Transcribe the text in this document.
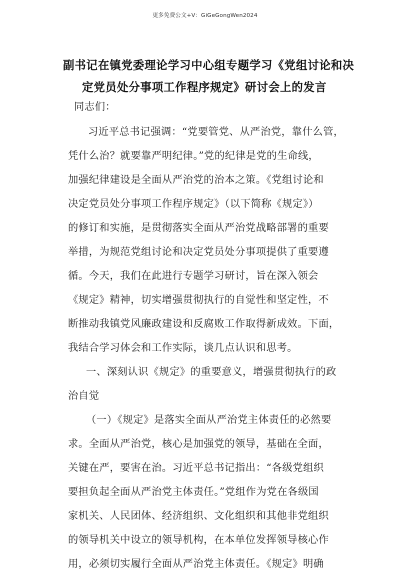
更多免费公文+V：GiGeGongWen2024
副书记在镇党委理论学习中心组专题学习《党组讨论和决
定党员处分事项工作程序规定》研讨会上的发言
同志们：
习近平总书记强调：“党要管党、从严治党，靠什么管，
凭什么治？就要靠严明纪律。”党的纪律是党的生命线，
加强纪律建设是全面从严治党的治本之策。《党组讨论和
决定党员处分事项工作程序规定》（以下简称《规定》）
的修订和实施，是贯彻落实全面从严治党战略部署的重要
举措，为规范党组讨论和决定党员处分事项提供了重要遵
循。今天，我们在此进行专题学习研讨，旨在深入领会
《规定》精神，切实增强贯彻执行的自觉性和坚定性，不
断推动我镇党风廉政建设和反腐败工作取得新成效。下面，
我结合学习体会和工作实际，谈几点认识和思考。
一、深刻认识《规定》的重要意义，增强贯彻执行的政
治自觉
（一）《规定》是落实全面从严治党主体责任的必然要
求。全面从严治党，核心是加强党的领导，基础在全面，
关键在严，要害在治。习近平总书记指出：“各级党组织
要担负起全面从严治党主体责任。”党组作为党在各级国
家机关、人民团体、经济组织、文化组织和其他非党组织
的领导机关中设立的领导机构，在本单位发挥领导核心作
用，必须切实履行全面从严治党主体责任。《规定》明确
